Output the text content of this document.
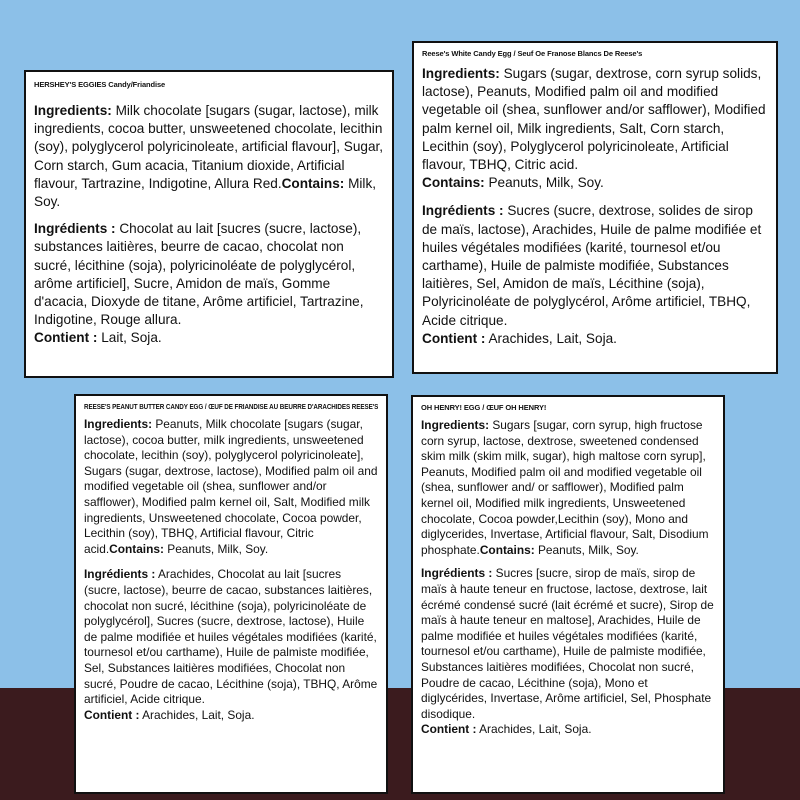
HERSHEY'S EGGIES Candy/Friandise

Ingredients: Milk chocolate [sugars (sugar, lactose), milk ingredients, cocoa butter, unsweetened chocolate, lecithin (soy), polyglycerol polyricinoleate, artificial flavour], Sugar, Corn starch, Gum acacia, Titanium dioxide, Artificial flavour, Tartrazine, Indigotine, Allura Red.Contains: Milk, Soy.

Ingrédients : Chocolat au lait [sucres (sucre, lactose), substances laitières, beurre de cacao, chocolat non sucré, lécithine (soja), polyricinoléate de polyglycérol, arôme artificiel], Sucre, Amidon de maïs, Gomme d'acacia, Dioxyde de titane, Arôme artificiel, Tartrazine, Indigotine, Rouge allura.
Contient : Lait, Soja.

Reese's White Candy Egg / Seuf Oe Franose Blancs De Reese's

Ingredients: Sugars (sugar, dextrose, corn syrup solids, lactose), Peanuts, Modified palm oil and modified vegetable oil (shea, sunflower and/or safflower), Modified palm kernel oil, Milk ingredients, Salt, Corn starch, Lecithin (soy), Polyglycerol polyricinoleate, Artificial flavour, TBHQ, Citric acid.
Contains: Peanuts, Milk, Soy.

Ingrédients : Sucres (sucre, dextrose, solides de sirop de maïs, lactose), Arachides, Huile de palme modifiée et huiles végétales modifiées (karité, tournesol et/ou carthame), Huile de palmiste modifiée, Substances laitières, Sel, Amidon de maïs, Lécithine (soja), Polyricinoléate de polyglycérol, Arôme artificiel, TBHQ, Acide citrique.
Contient : Arachides, Lait, Soja.

REESE'S PEANUT BUTTER CANDY EGG / ŒUF DE FRIANDISE AU BEURRE D'ARACHIDES REESE'S

Ingredients: Peanuts, Milk chocolate [sugars (sugar, lactose), cocoa butter, milk ingredients, unsweetened chocolate, lecithin (soy), polyglycerol polyricinoleate], Sugars (sugar, dextrose, lactose), Modified palm oil and modified vegetable oil (shea, sunflower and/or safflower), Modified palm kernel oil, Salt, Modified milk ingredients, Unsweetened chocolate, Cocoa powder, Lecithin (soy), TBHQ, Artificial flavour, Citric acid.Contains: Peanuts, Milk, Soy.

Ingrédients : Arachides, Chocolat au lait [sucres (sucre, lactose), beurre de cacao, substances laitières, chocolat non sucré, lécithine (soja), polyricinoléate de polyglycérol], Sucres (sucre, dextrose, lactose), Huile de palme modifiée et huiles végétales modifiées (karité, tournesol et/ou carthame), Huile de palmiste modifiée, Sel, Substances laitières modifiées, Chocolat non sucré, Poudre de cacao, Lécithine (soja), TBHQ, Arôme artificiel, Acide citrique.
Contient : Arachides, Lait, Soja.

OH HENRY! EGG / ŒUF OH HENRY!

Ingredients: Sugars [sugar, corn syrup, high fructose corn syrup, lactose, dextrose, sweetened condensed skim milk (skim milk, sugar), high maltose corn syrup], Peanuts, Modified palm oil and modified vegetable oil (shea, sunflower and/ or safflower), Modified palm kernel oil, Modified milk ingredients, Unsweetened chocolate, Cocoa powder,Lecithin (soy), Mono and diglycerides, Invertase, Artificial flavour, Salt, Disodium phosphate.Contains: Peanuts, Milk, Soy.

Ingrédients : Sucres [sucre, sirop de maïs, sirop de maïs à haute teneur en fructose, lactose, dextrose, lait écrémé condensé sucré (lait écrémé et sucre), Sirop de maïs à haute teneur en maltose], Arachides, Huile de palme modifiée et huiles végétales modifiées (karité, tournesol et/ou carthame), Huile de palmiste modifiée, Substances laitières modifiées, Chocolat non sucré, Poudre de cacao, Lécithine (soja), Mono et diglycérides, Invertase, Arôme artificiel, Sel, Phosphate disodique.
Contient : Arachides, Lait, Soja.
